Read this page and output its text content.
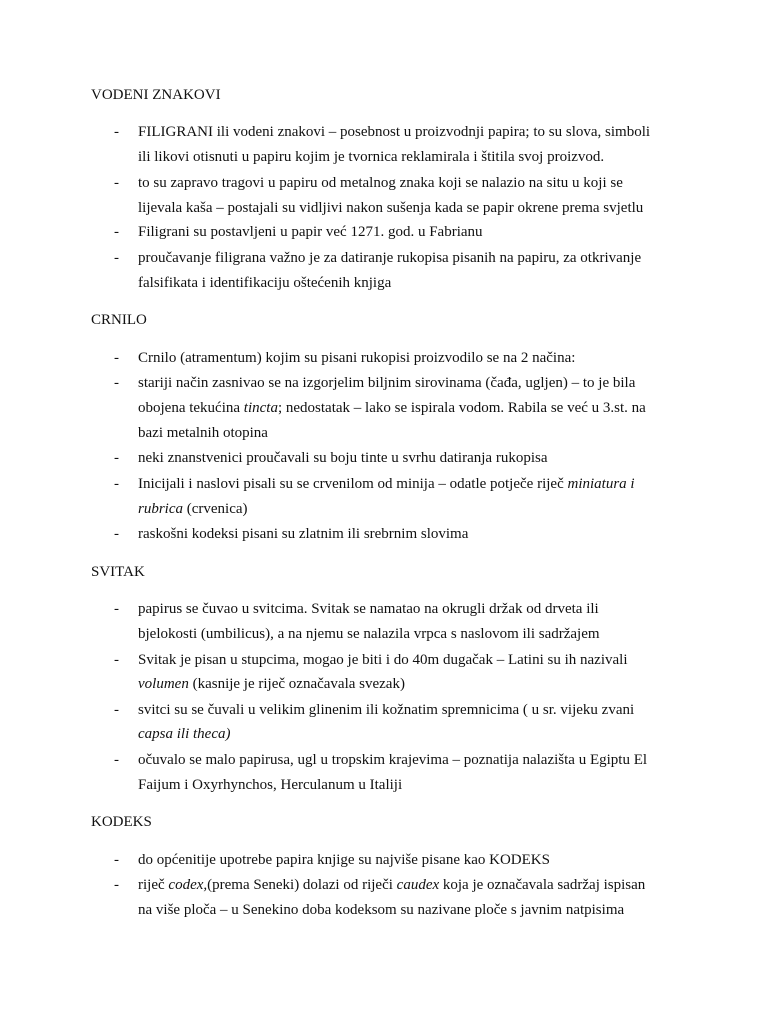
VODENI ZNAKOVI
- FILIGRANI ili vodeni znakovi – posebnost u proizvodnji papira; to su slova, simboli
ili likovi otisnuti u papiru kojim je tvornica reklamirala i štitila svoj proizvod.
- to su zapravo tragovi u papiru od metalnog znaka koji se nalazio na situ u koji se
lijevala kaša – postajali su vidljivi nakon sušenja kada se papir okrene prema svjetlu
- Filigrani su postavljeni u papir već 1271. god. u Fabrianu
- proučavanje filigrana važno je za datiranje rukopisa pisanih na papiru, za otkrivanje
falsifikata i identifikaciju oštećenih knjiga
CRNILO
- Crnilo (atramentum) kojim su pisani rukopisi proizvodilo se na 2 načina:
- stariji način zasnivao se na izgorjelim biljnim sirovinama (čađa, ugljen) – to je bila
obojena tekućina tincta; nedostatak – lako se ispirala vodom. Rabila se već u 3.st. na
bazi metalnih otopina
- neki znanstvenici proučavali su boju tinte u svrhu datiranja rukopisa
- Inicijali i naslovi pisali su se crvenilom od minija – odatle potječe riječ miniatura i
rubrica (crvenica)
- raskošni kodeksi pisani su zlatnim ili srebrnim slovima
SVITAK
- papirus se čuvao u svitcima. Svitak se namatao na okrugli držak od drveta ili
bjelokosti (umbilicus), a na njemu se nalazila vrpca s naslovom ili sadržajem
- Svitak je pisan u stupcima, mogao je biti i do 40m dugačak – Latini su ih nazivali
volumen (kasnije je riječ označavala svezak)
- svitci su se čuvali u velikim glinenim ili kožnatim spremnicima ( u sr. vijeku zvani
capsa ili theca)
- očuvalo se malo papirusa, ugl u tropskim krajevima – poznatija nalazišta u Egiptu El
Faijum i Oxyrhynchos, Herculanum u Italiji
KODEKS
- do općenitije upotrebe papira knjige su najviše pisane kao KODEKS
- riječ codex,(prema Seneki) dolazi od riječi caudex koja je označavala sadržaj ispisan
na više ploča – u Senekino doba kodeksom su nazivane ploče s javnim natpisima
